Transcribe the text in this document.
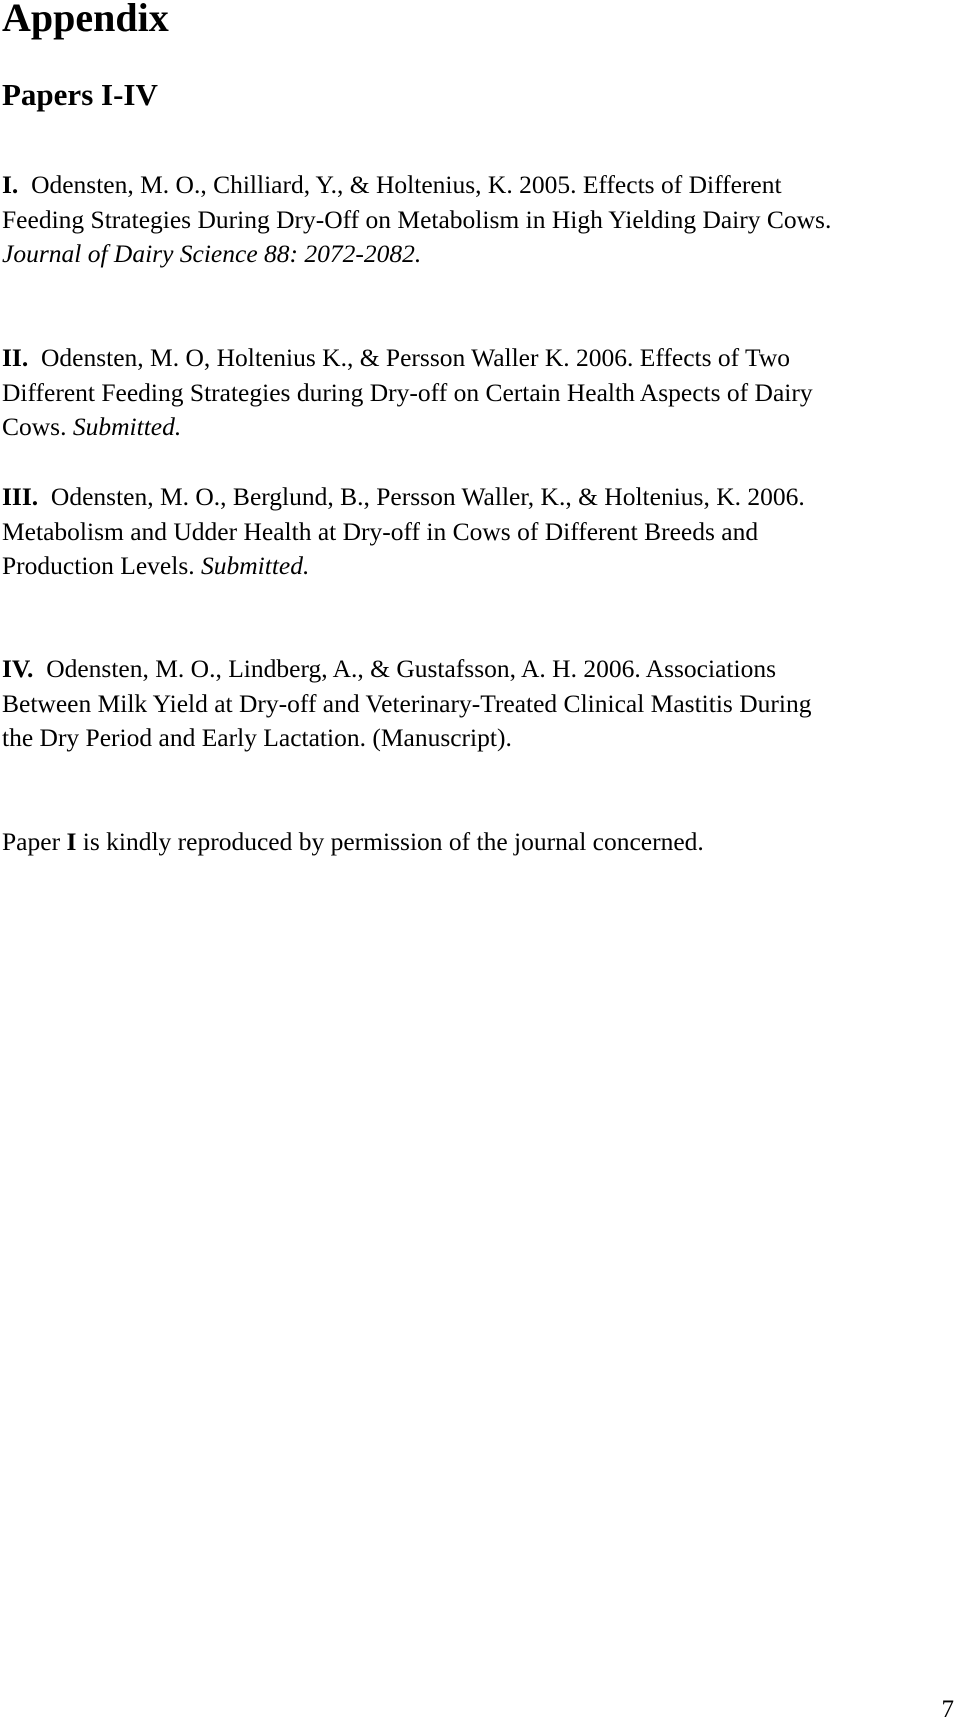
Appendix
Papers I-IV
I. Odensten, M. O., Chilliard, Y., & Holtenius, K. 2005. Effects of Different
Feeding Strategies During Dry-Off on Metabolism in High Yielding Dairy Cows.
Journal of Dairy Science 88: 2072-2082.
II. Odensten, M. O, Holtenius K., & Persson Waller K. 2006. Effects of Two
Different Feeding Strategies during Dry-off on Certain Health Aspects of Dairy
Cows. Submitted.
III. Odensten, M. O., Berglund, B., Persson Waller, K., & Holtenius, K. 2006.
Metabolism and Udder Health at Dry-off in Cows of Different Breeds and
Production Levels. Submitted.
IV. Odensten, M. O., Lindberg, A., & Gustafsson, A. H. 2006. Associations
Between Milk Yield at Dry-off and Veterinary-Treated Clinical Mastitis During
the Dry Period and Early Lactation. (Manuscript).

Paper I is kindly reproduced by permission of the journal concerned.

7
